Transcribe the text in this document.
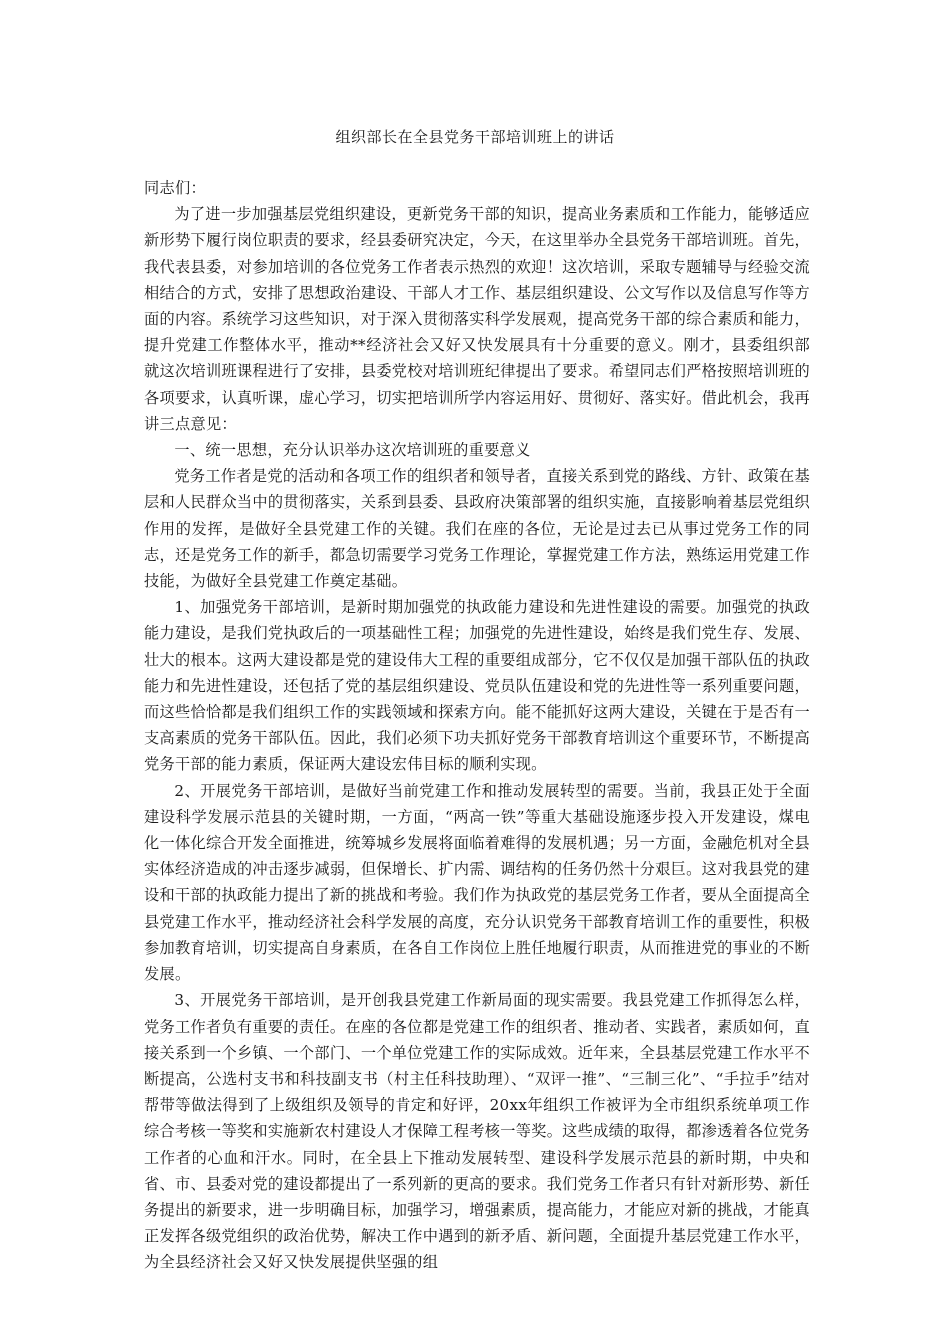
组织部长在全县党务干部培训班上的讲话

同志们：

为了进一步加强基层党组织建设，更新党务干部的知识，提高业务素质和工作能力，能够适应新形势下履行岗位职责的要求，经县委研究决定，今天，在这里举办全县党务干部培训班。首先，我代表县委，对参加培训的各位党务工作者表示热烈的欢迎！这次培训，采取专题辅导与经验交流相结合的方式，安排了思想政治建设、干部人才工作、基层组织建设、公文写作以及信息写作等方面的内容。系统学习这些知识，对于深入贯彻落实科学发展观，提高党务干部的综合素质和能力，提升党建工作整体水平，推动**经济社会又好又快发展具有十分重要的意义。刚才，县委组织部就这次培训班课程进行了安排，县委党校对培训班纪律提出了要求。希望同志们严格按照培训班的各项要求，认真听课，虚心学习，切实把培训所学内容运用好、贯彻好、落实好。借此机会，我再讲三点意见：

一、统一思想，充分认识举办这次培训班的重要意义

党务工作者是党的活动和各项工作的组织者和领导者，直接关系到党的路线、方针、政策在基层和人民群众当中的贯彻落实，关系到县委、县政府决策部署的组织实施，直接影响着基层党组织作用的发挥，是做好全县党建工作的关键。我们在座的各位，无论是过去已从事过党务工作的同志，还是党务工作的新手，都急切需要学习党务工作理论，掌握党建工作方法，熟练运用党建工作技能，为做好全县党建工作奠定基础。

1、加强党务干部培训，是新时期加强党的执政能力建设和先进性建设的需要。加强党的执政能力建设，是我们党执政后的一项基础性工程；加强党的先进性建设，始终是我们党生存、发展、壮大的根本。这两大建设都是党的建设伟大工程的重要组成部分，它不仅仅是加强干部队伍的执政能力和先进性建设，还包括了党的基层组织建设、党员队伍建设和党的先进性等一系列重要问题，而这些恰恰都是我们组织工作的实践领域和探索方向。能不能抓好这两大建设，关键在于是否有一支高素质的党务干部队伍。因此，我们必须下功夫抓好党务干部教育培训这个重要环节，不断提高党务干部的能力素质，保证两大建设宏伟目标的顺利实现。

2、开展党务干部培训，是做好当前党建工作和推动发展转型的需要。当前，我县正处于全面建设科学发展示范县的关键时期，一方面，“两高一铁”等重大基础设施逐步投入开发建设，煤电化一体化综合开发全面推进，统筹城乡发展将面临着难得的发展机遇；另一方面，金融危机对全县实体经济造成的冲击逐步减弱，但保增长、扩内需、调结构的任务仍然十分艰巨。这对我县党的建设和干部的执政能力提出了新的挑战和考验。我们作为执政党的基层党务工作者，要从全面提高全县党建工作水平，推动经济社会科学发展的高度，充分认识党务干部教育培训工作的重要性，积极参加教育培训，切实提高自身素质，在各自工作岗位上胜任地履行职责，从而推进党的事业的不断发展。

3、开展党务干部培训，是开创我县党建工作新局面的现实需要。我县党建工作抓得怎么样，党务工作者负有重要的责任。在座的各位都是党建工作的组织者、推动者、实践者，素质如何，直接关系到一个乡镇、一个部门、一个单位党建工作的实际成效。近年来，全县基层党建工作水平不断提高，公选村支书和科技副支书（村主任科技助理）、“双评一推”、“三制三化”、“手拉手”结对帮带等做法得到了上级组织及领导的肯定和好评，20xx年组织工作被评为全市组织系统单项工作综合考核一等奖和实施新农村建设人才保障工程考核一等奖。这些成绩的取得，都渗透着各位党务工作者的心血和汗水。同时，在全县上下推动发展转型、建设科学发展示范县的新时期，中央和省、市、县委对党的建设都提出了一系列新的更高的要求。我们党务工作者只有针对新形势、新任务提出的新要求，进一步明确目标，加强学习，增强素质，提高能力，才能应对新的挑战，才能真正发挥各级党组织的政治优势，解决工作中遇到的新矛盾、新问题，全面提升基层党建工作水平，为全县经济社会又好又快发展提供坚强的组
